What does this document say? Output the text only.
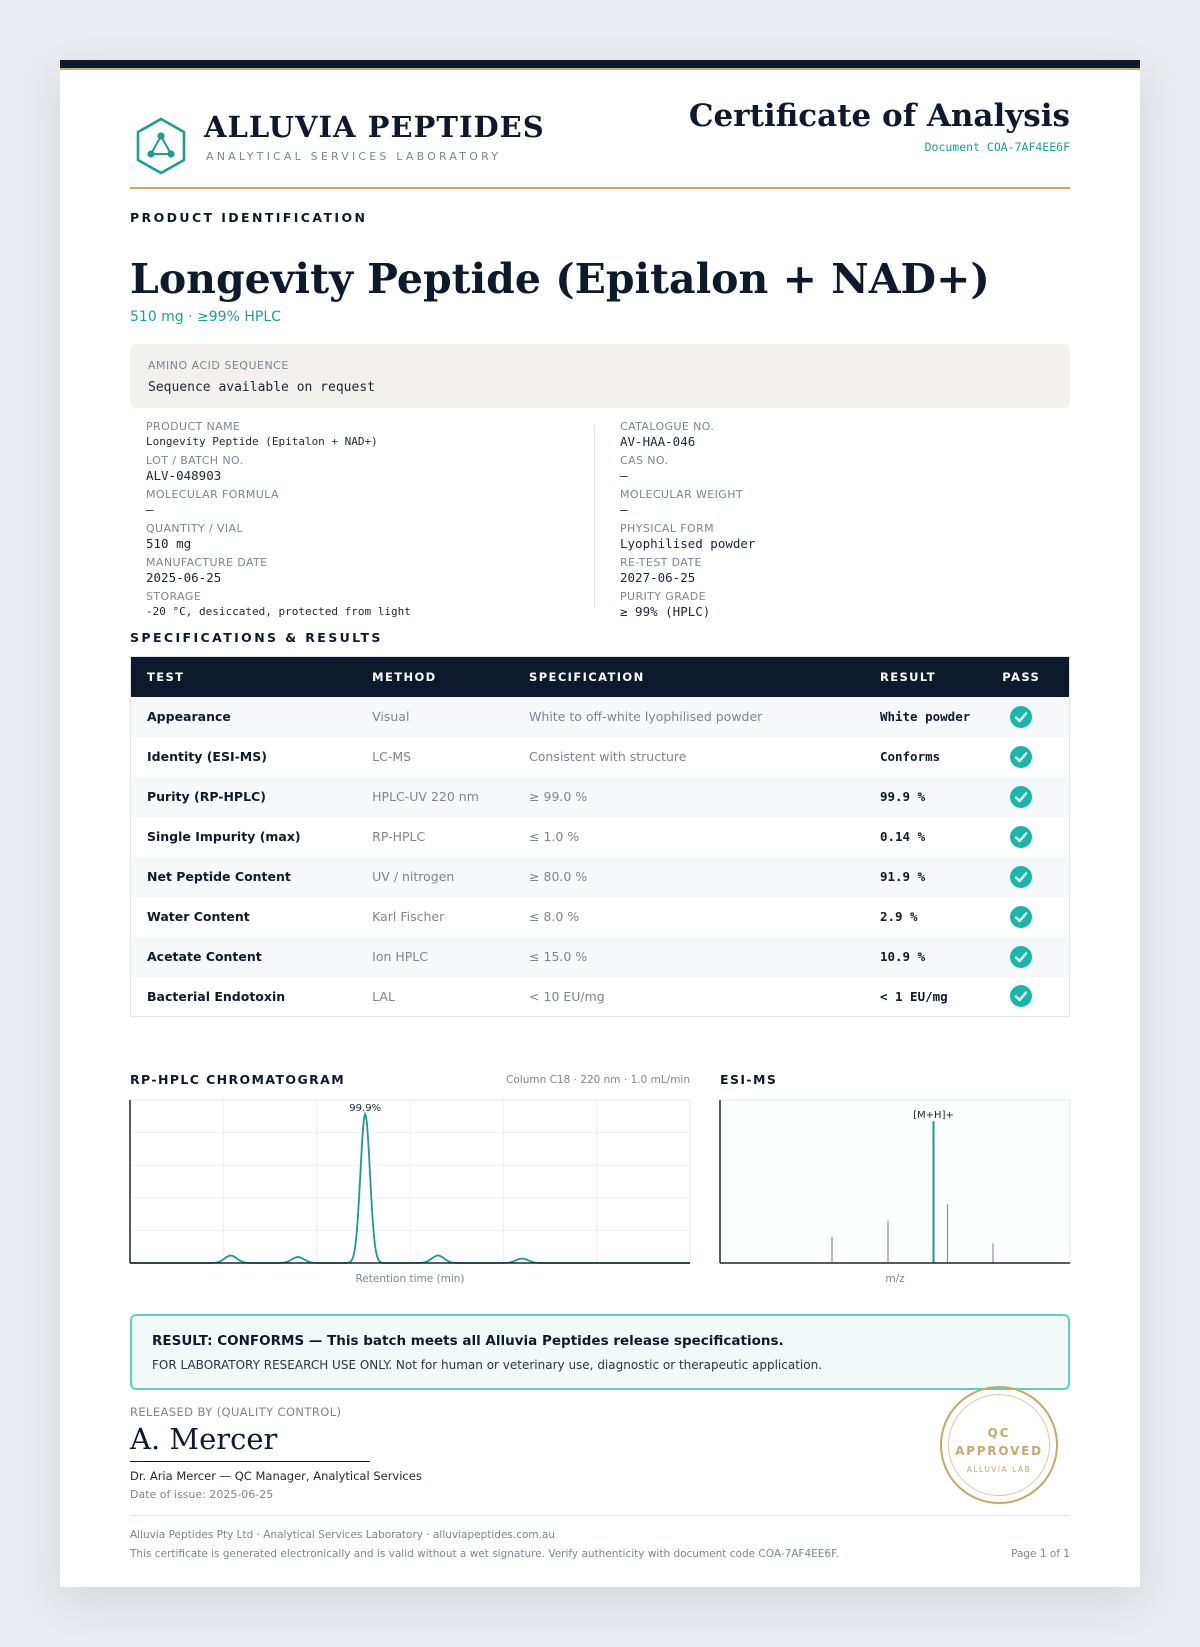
ALLUVIA PEPTIDES
ANALYTICAL SERVICES LABORATORY
Certificate of Analysis
Document COA-7AF4EE6F
PRODUCT IDENTIFICATION
Longevity Peptide (Epitalon + NAD+)
510 mg · ≥99% HPLC
AMINO ACID SEQUENCE
Sequence available on request
PRODUCT NAME
Longevity Peptide (Epitalon + NAD+)
LOT / BATCH NO.
ALV-048903
MOLECULAR FORMULA
—
QUANTITY / VIAL
510 mg
MANUFACTURE DATE
2025-06-25
STORAGE
-20 °C, desiccated, protected from light
CATALOGUE NO.
AV-HAA-046
CAS NO.
—
MOLECULAR WEIGHT
—
PHYSICAL FORM
Lyophilised powder
RE-TEST DATE
2027-06-25
PURITY GRADE
≥ 99% (HPLC)
SPECIFICATIONS & RESULTS
TEST	METHOD	SPECIFICATION	RESULT	PASS
Appearance	Visual	White to off-white lyophilised powder	White powder	

Identity (ESI-MS)	LC-MS	Consistent with structure	Conforms	

Purity (RP-HPLC)	HPLC-UV 220 nm	≥ 99.0 %	99.9 %	

Single Impurity (max)	RP-HPLC	≤ 1.0 %	0.14 %	

Net Peptide Content	UV / nitrogen	≥ 80.0 %	91.9 %	

Water Content	Karl Fischer	≤ 8.0 %	2.9 %	

Acetate Content	Ion HPLC	≤ 15.0 %	10.9 %	

Bacterial Endotoxin	LAL	< 10 EU/mg	< 1 EU/mg	
RP-HPLC CHROMATOGRAM	Column C18 · 220 nm · 1.0 mL/min
99.9%
Retention time (min)
ESI-MS
[M+H]+
m/z
RESULT: CONFORMS — This batch meets all Alluvia Peptides release specifications.
FOR LABORATORY RESEARCH USE ONLY. Not for human or veterinary use, diagnostic or therapeutic application.
RELEASED BY (QUALITY CONTROL)
A. Mercer
Dr. Aria Mercer — QC Manager, Analytical Services
Date of issue: 2025-06-25
QC
APPROVED
ALLUVIA LAB
Alluvia Peptides Pty Ltd · Analytical Services Laboratory · alluviapeptides.com.au
This certificate is generated electronically and is valid without a wet signature. Verify authenticity with document code COA-7AF4EE6F.	Page 1 of 1
